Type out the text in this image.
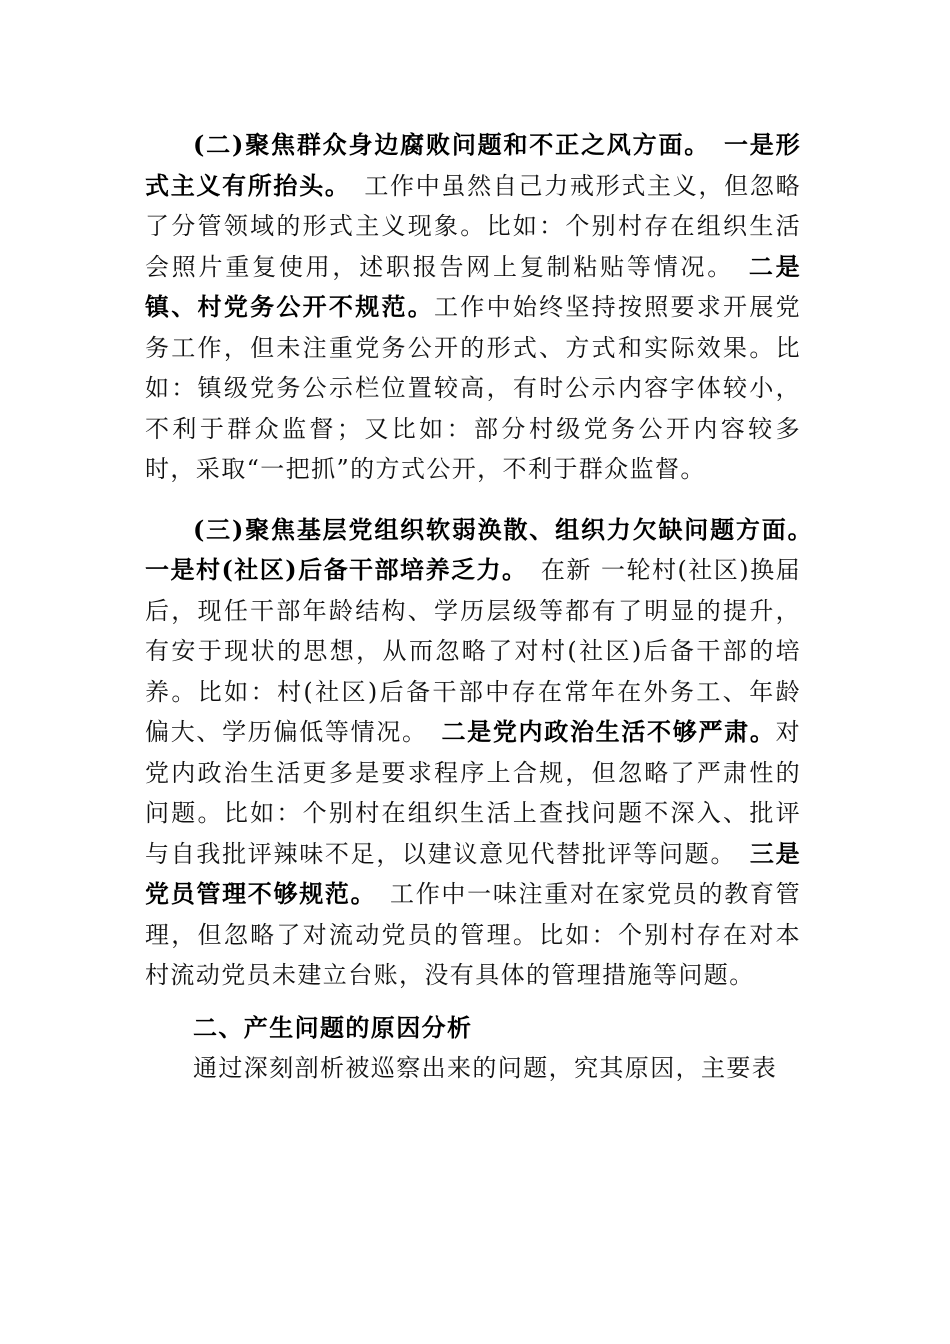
(二)聚焦群众身边腐败问题和不正之风方面。　 一是形式主义有所抬头。　 工作中虽然自己力戒形式主义，但忽略了分管领域的形式主义现象。比如：个别村存在组织生活会照片重复使用，述职报告网上复制粘贴等情况。　 二是镇、村党务公开不规范。工作中始终坚持按照要求开展党务工作，但未注重党务公开的形式、方式和实际效果。比如：镇级党务公示栏位置较高，有时公示内容字体较小，不利于群众监督；又比如：部分村级党务公开内容较多时，采取“一把抓”的方式公开，不利于群众监督。

(三)聚焦基层党组织软弱涣散、组织力欠缺问题方面。　一是村(社区)后备干部培养乏力。　 在新 一轮村(社区)换届后，现任干部年龄结构、学历层级等都有了明显的提升，有安于现状的思想，从而忽略了对村(社区)后备干部的培养。比如：村(社区)后备干部中存在常年在外务工、年龄偏大、学历偏低等情况。　 二是党内政治生活不够严肃。对党内政治生活更多是要求程序上合规，但忽略了严肃性的问题。比如：个别村在组织生活上查找问题不深入、批评与自我批评辣味不足，以建议意见代替批评等问题。　 三是党员管理不够规范。　 工作中一味注重对在家党员的教育管理，但忽略了对流动党员的管理。比如：个别村存在对本村流动党员未建立台账，没有具体的管理措施等问题。

二、产生问题的原因分析

通过深刻剖析被巡察出来的问题，究其原因，主要表
